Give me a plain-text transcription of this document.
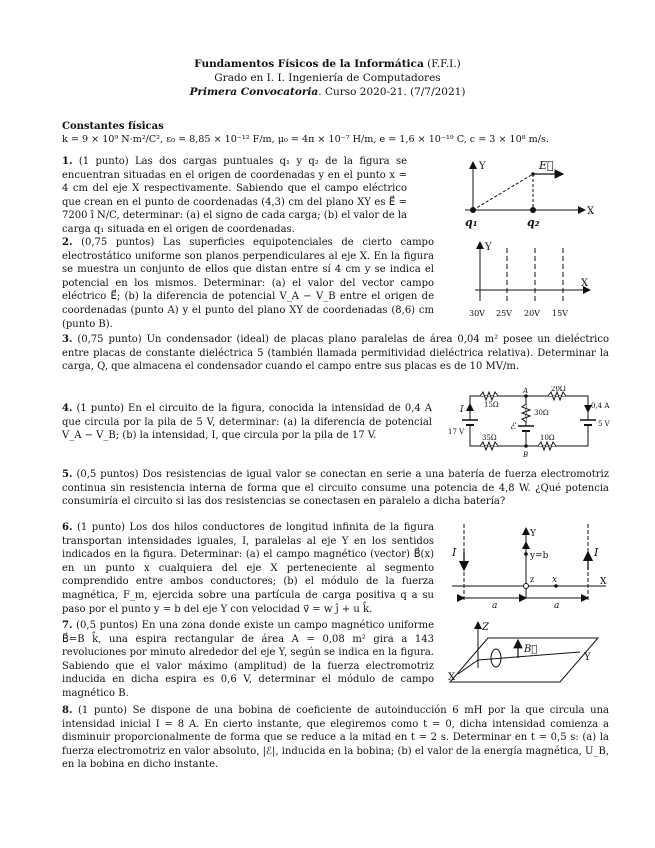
Fundamentos Físicos de la Informática (F.F.I.)
Grado en I. I. Ingeniería de Computadores
Primera Convocatoria. Curso 2020-21. (7/7/2021)
Constantes físicas
k = 9 × 10⁹ N·m²/C², ε₀ = 8,85 × 10⁻¹² F/m, μ₀ = 4π × 10⁻⁷ H/m, e = 1,6 × 10⁻¹⁹ C, c = 3 × 10⁸ m/s.
1. (1 punto) Las dos cargas puntuales q₁ y q₂ de la figura se encuentran situadas en el origen de coordenadas y en el punto x = 4 cm del eje X respectivamente. Sabiendo que el campo eléctrico que crean en el punto de coordenadas (4,3) cm del plano XY es E⃗ = 7200 î N/C, determinar: (a) el signo de cada carga; (b) el valor de la carga q₁ situada en el origen de coordenadas.
2. (0,75 puntos) Las superficies equipotenciales de cierto campo electrostático uniforme son planos perpendiculares al eje X. En la figura se muestra un conjunto de ellos que distan entre sí 4 cm y se indica el potencial en los mismos. Determinar: (a) el valor del vector campo eléctrico E⃗; (b) la diferencia de potencial V_A − V_B entre el origen de coordenadas (punto A) y el punto del plano XY de coordenadas (8,6) cm (punto B).
3. (0,75 punto) Un condensador (ideal) de placas plano paralelas de área 0,04 m² posee un dieléctrico entre placas de constante dieléctrica 5 (también llamada permitividad dieléctrica relativa). Determinar la carga, Q, que almacena el condensador cuando el campo entre sus placas es de 10 MV/m.
4. (1 punto) En el circuito de la figura, conocida la intensidad de 0,4 A que circula por la pila de 5 V, determinar: (a) la diferencia de potencial V_A − V_B; (b) la intensidad, I, que circula por la pila de 17 V.
5. (0,5 puntos) Dos resistencias de igual valor se conectan en serie a una batería de fuerza electromotriz continua sin resistencia interna de forma que el circuito consume una potencia de 4,8 W. ¿Qué potencia consumiría el circuito si las dos resistencias se conectasen en paralelo a dicha batería?
6. (1 punto) Los dos hilos conductores de longitud infinita de la figura transportan intensidades iguales, I, paralelas al eje Y en los sentidos indicados en la figura. Determinar: (a) el campo magnético (vector) B⃗(x) en un punto x cualquiera del eje X perteneciente al segmento comprendido entre ambos conductores; (b) el módulo de la fuerza magnética, F_m, ejercida sobre una partícula de carga positiva q a su paso por el punto y = b del eje Y con velocidad v⃗ = w ĵ + u k̂.
7. (0,5 puntos) En una zona donde existe un campo magnético uniforme B⃗=B k̂, una espira rectangular de área A = 0,08 m² gira a 143 revoluciones por minuto alrededor del eje Y, según se indica en la figura. Sabiendo que el valor máximo (amplitud) de la fuerza electromotriz inducida en dicha espira es 0,6 V, determinar el módulo de campo magnético B.
8. (1 punto) Se dispone de una bobina de coeficiente de autoinducción 6 mH por la que circula una intensidad inicial I = 8 A. En cierto instante, que elegiremos como t = 0, dicha intensidad comienza a disminuir proporcionalmente de forma que se reduce a la mitad en t = 2 s. Determinar en t = 0,5 s: (a) la fuerza electromotriz en valor absoluto, |ℰ|, inducida en la bobina; (b) el valor de la energía magnética, U_B, en la bobina en dicho instante.
Y
X
E⃗
q₁	q₂
Y
X
30V 25V 20V 15V
I
A
B
15Ω
20Ω
30Ω
35Ω	10Ω
0,4 A
17 V
5 V
ℰ
I	I
Y
y=b
z x	X
a	a
Z
Y
X
B⃗
